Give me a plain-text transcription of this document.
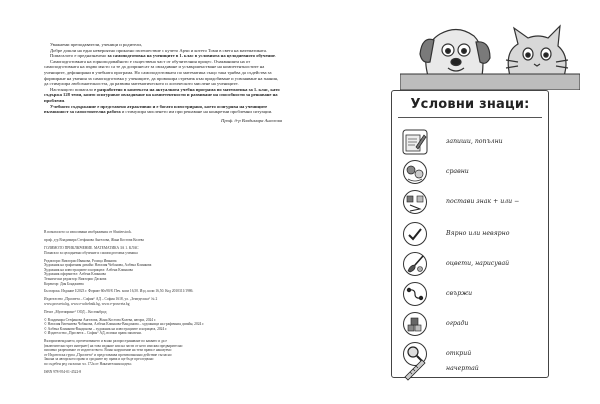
Уважаеми преподаватели, ученици и родители,

Добре дошли на едно невероятно приказно пътешествие с кучето Арчи и котето Томи в света на математиката.

Помагалото е предназначено за самоподготовка на учениците в 1. клас в условията на целодневното обучение.

Самоподготовката на горноподовайното е съществена част от обучителния процес. Очакванията на от самоподготовката на първо място са те да допринесат за овладяване и усъвършенстване на компетентностите на учениците, дефинирани в учебната програма. Но самоподготовката по математика също така трябва да съдейства за формиране на умения за самоподготовка у учениците, да провокира стремеж към придобиване и усвоняване на знания, да стимулира любознателността, да развива математическото и логическото мислене на учениците.

Настоящото помагало е разработено в контекста на актуалната учебна програма по математика за 1. клас, като съдържа 128 теми, които осигуряват овладяване на компетентности и развиване на способности за решаване на проблеми.

Учебното съдържание е представено атрактивно и е богато илюстрирано, което осигурява на учениците възможност за самостоятелна работа и стимулира мисленето им при решаване на конкретни проблемни ситуации.

Проф. д-р Владимира Ангелова

В помагалото са използвани изображения от Shutterstock.

проф. д-р Владимира Стефанова Ангелова, Жана Костова Колева

ГОЛЯМОТО ПРИКЛЮЧЕНИЕ. МАТЕМАТИКА ЗА 1. КЛАС

Помагало за целодневно обучение и самоподготовка ученикa

Редактори: Викторио Иванова, Росица Иванова

Художник на графичния дизайн: Наталия Чобанова, Албена Клинкова

Художник на илюстрациите и корицата: Албена Клинкова

Художник оформител: Албена Клинкова

Технически редактор: Викторио Даскова

Коректор: Дия Бояджиева

Българска. Издание I/2023 г. Формат 60х90/8. Печ. коли 16,50. Изд. коли 16,50. Код 2010311/1986.

Издателство „Просвета – София“ АД – София 1618, ул. „Земеделска“ № 2

www.prosveta.bg, www.e-uchebnik.bg, www.e-prosveta.bg

Печат „Мултипринт“ ООД – Костинброд

© Владимира Стефанова Ангелова, Жана Костова Колева, автори, 2024 г.

© Наталия Евгениева Чобанова, Албена Клинкова-Вандонова – художници на графичния дизайн, 2024 г.

© Албена Клинкова-Вандонова – художник на илюстрациите и корицата, 2024 г.

© Издателство „Просвета – София“ АД, всички права запазени.

Възпроизвеждането, препечатването и всяко разпространяване по каквато и да е

(включително чрез интернет) на това издание или на части от него изисква предварително

писмено разрешение от издателството. Всяко нарушение на тези права е наказуемо

от Издателска група „Просвета“ и представлява противозаконно действие съгласно

Закона за авторското право и сродните му права и ще бъде преследвано

по съдебен ред съгласно чл. 172а от Наказателния кодекс.

ISBN 978-954-01-4522-8

Условни знаци:
запиши, попълни
сравни
постави знак + или −
Вярно или невярно
оцвети, нарисувай
свържи
огради
открий
начертай
